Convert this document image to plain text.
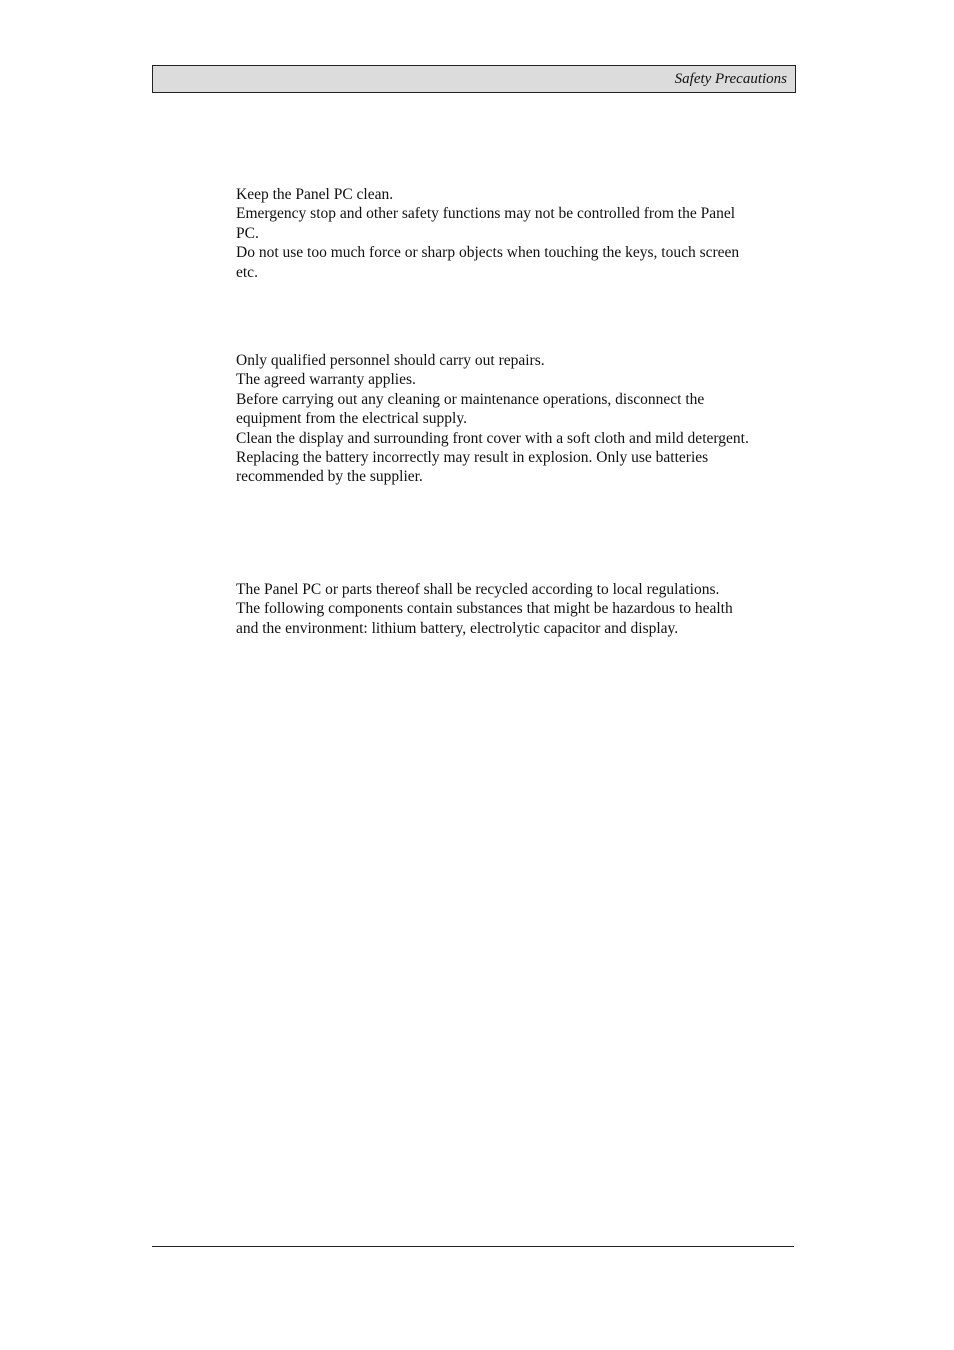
Safety Precautions
Keep the Panel PC clean.
Emergency stop and other safety functions may not be controlled from the Panel PC.
Do not use too much force or sharp objects when touching the keys, touch screen etc.
Only qualified personnel should carry out repairs.
The agreed warranty applies.
Before carrying out any cleaning or maintenance operations, disconnect the equipment from the electrical supply.
Clean the display and surrounding front cover with a soft cloth and mild detergent.
Replacing the battery incorrectly may result in explosion. Only use batteries recommended by the supplier.
The Panel PC or parts thereof shall be recycled according to local regulations.
The following components contain substances that might be hazardous to health and the environment: lithium battery, electrolytic capacitor and display.
